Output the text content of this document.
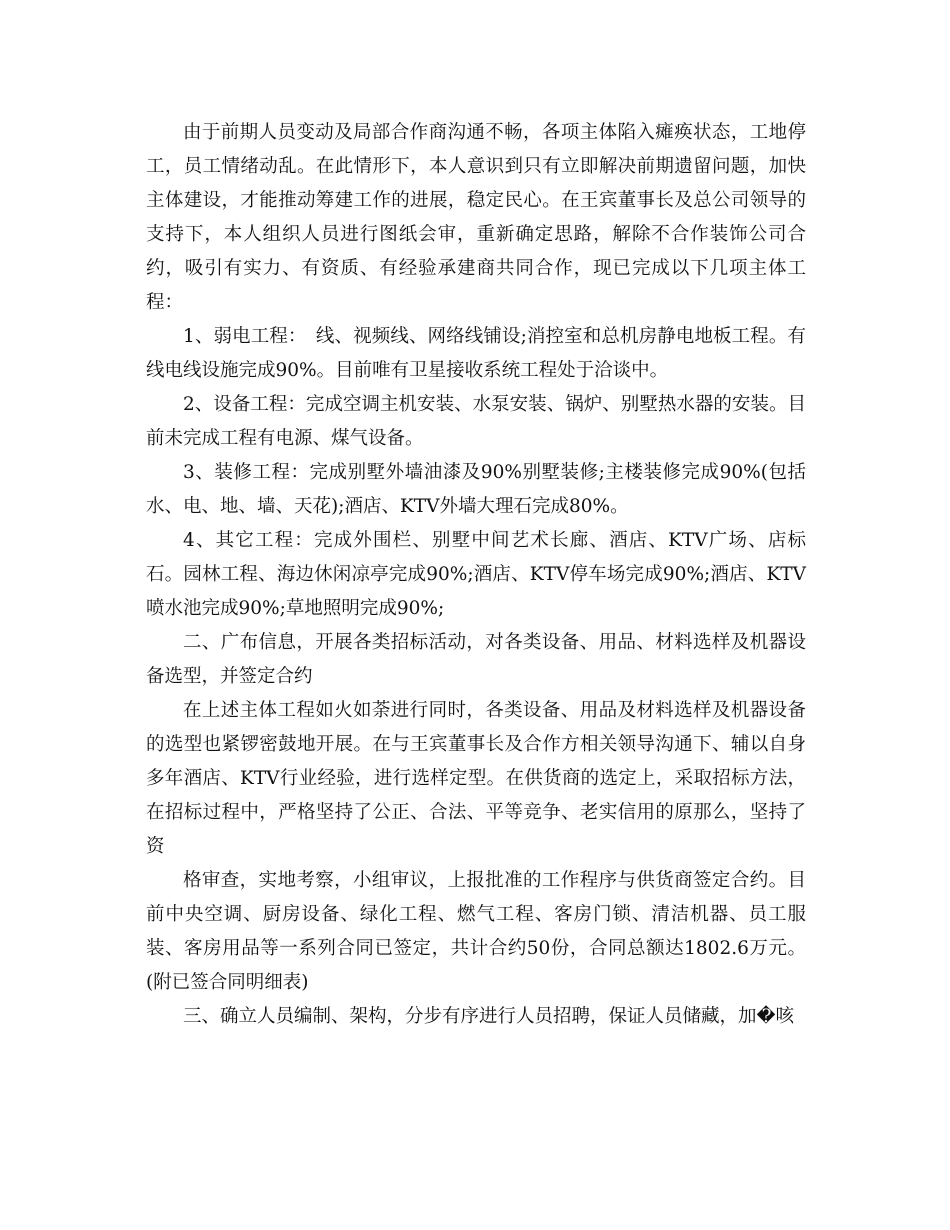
由于前期人员变动及局部合作商沟通不畅，各项主体陷入瘫痪状态，工地停工，员工情绪动乱。在此情形下，本人意识到只有立即解决前期遗留问题，加快主体建设，才能推动筹建工作的进展，稳定民心。在王宾董事长及总公司领导的支持下，本人组织人员进行图纸会审，重新确定思路，解除不合作装饰公司合约，吸引有实力、有资质、有经验承建商共同合作，现已完成以下几项主体工程：

1、弱电工程：　线、视频线、网络线铺设;消控室和总机房静电地板工程。有线电线设施完成90%。目前唯有卫星接收系统工程处于洽谈中。

2、设备工程：完成空调主机安装、水泵安装、锅炉、别墅热水器的安装。目前未完成工程有电源、煤气设备。

3、装修工程：完成别墅外墙油漆及90%别墅装修;主楼装修完成90%(包括水、电、地、墙、天花);酒店、KTV外墙大理石完成80%。

4、其它工程：完成外围栏、别墅中间艺术长廊、酒店、KTV广场、店标石。园林工程、海边休闲凉亭完成90%;酒店、KTV停车场完成90%;酒店、KTV喷水池完成90%;草地照明完成90%;

二、广布信息，开展各类招标活动，对各类设备、用品、材料选样及机器设备选型，并签定合约

在上述主体工程如火如荼进行同时，各类设备、用品及材料选样及机器设备的选型也紧锣密鼓地开展。在与王宾董事长及合作方相关领导沟通下、辅以自身多年酒店、KTV行业经验，进行选样定型。在供货商的选定上，采取招标方法，在招标过程中，严格坚持了公正、合法、平等竞争、老实信用的原那么，坚持了资

格审查，实地考察，小组审议，上报批准的工作程序与供货商签定合约。目前中央空调、厨房设备、绿化工程、燃气工程、客房门锁、清洁机器、员工服装、客房用品等一系列合同已签定，共计合约50份，合同总额达1802.6万元。(附已签合同明细表)

三、确立人员编制、架构，分步有序进行人员招聘，保证人员储藏，加�咳
